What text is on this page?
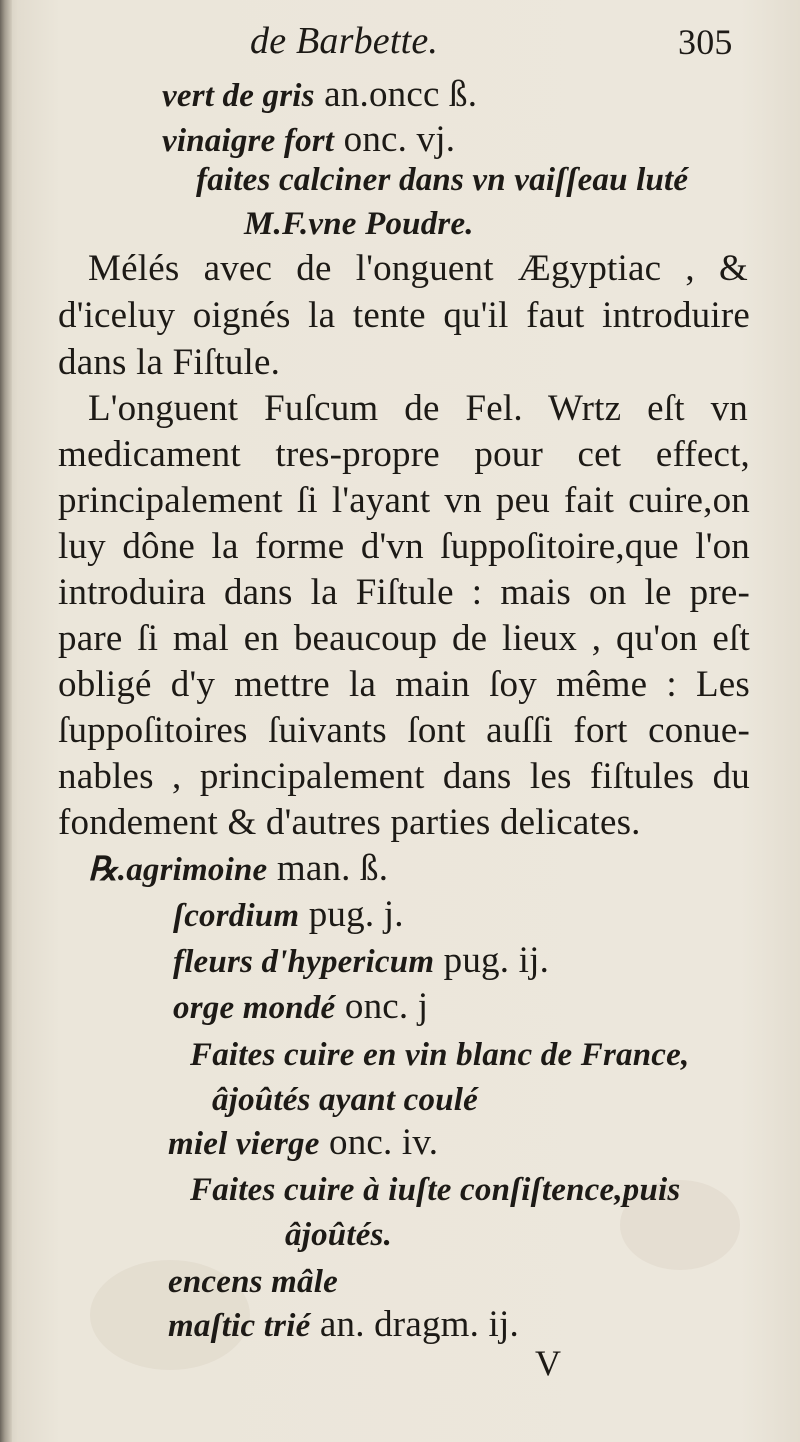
de Barbette.	305
vert de gris an.oncc ß.
vinaigre fort onc. vj.
faites calciner dans vn vaiſſeau luté
M.F.vne Poudre.
Mélés avec de l'onguent Ægyptiac , &
d'iceluy oignés la tente qu'il faut introduire
dans la Fiſtule.
L'onguent Fuſcum de Fel. Wrtz eſt vn
medicament tres-propre pour cet effect,
principalement ſi l'ayant vn peu fait cuire,on
luy dône la forme d'vn ſuppoſitoire,que l'on
introduira dans la Fiſtule : mais on le pre-
pare ſi mal en beaucoup de lieux , qu'on eſt
obligé d'y mettre la main ſoy même : Les
ſuppoſitoires ſuivants ſont auſſi fort conue-
nables , principalement dans les fiſtules du
fondement & d'autres parties delicates.
℞.agrimoine man. ß.
ſcordium pug. j.
fleurs d'hypericum pug. ij.
orge mondé onc. j
Faites cuire en vin blanc de France,
âjoûtés ayant coulé
miel vierge onc. iv.
Faites cuire à iuſte conſiſtence,puis
âjoûtés.
encens mâle
maſtic trié an. dragm. ij.
V
